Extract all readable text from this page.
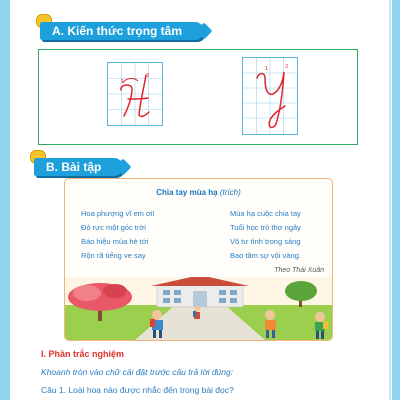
A. Kiến thức trọng tâm
1
3
1	2
B. Bài tập
Chia tay mùa hạ (trích)
Hoa phượng vĩ em ơi!
Đỏ rực một góc trời
Báo hiệu mùa hè tới
Rộn rã tiếng ve say
Mùa hạ cuộc chia tay
Tuổi học trò thơ ngây
Vô tư tình trong sáng
Bao tâm sự vội vàng.
Theo Thái Xuân
I. Phần trắc nghiệm
Khoanh tròn vào chữ cái đặt trước câu trả lời đúng:
Câu 1. Loài hoa nào được nhắc đến trong bài đọc?
